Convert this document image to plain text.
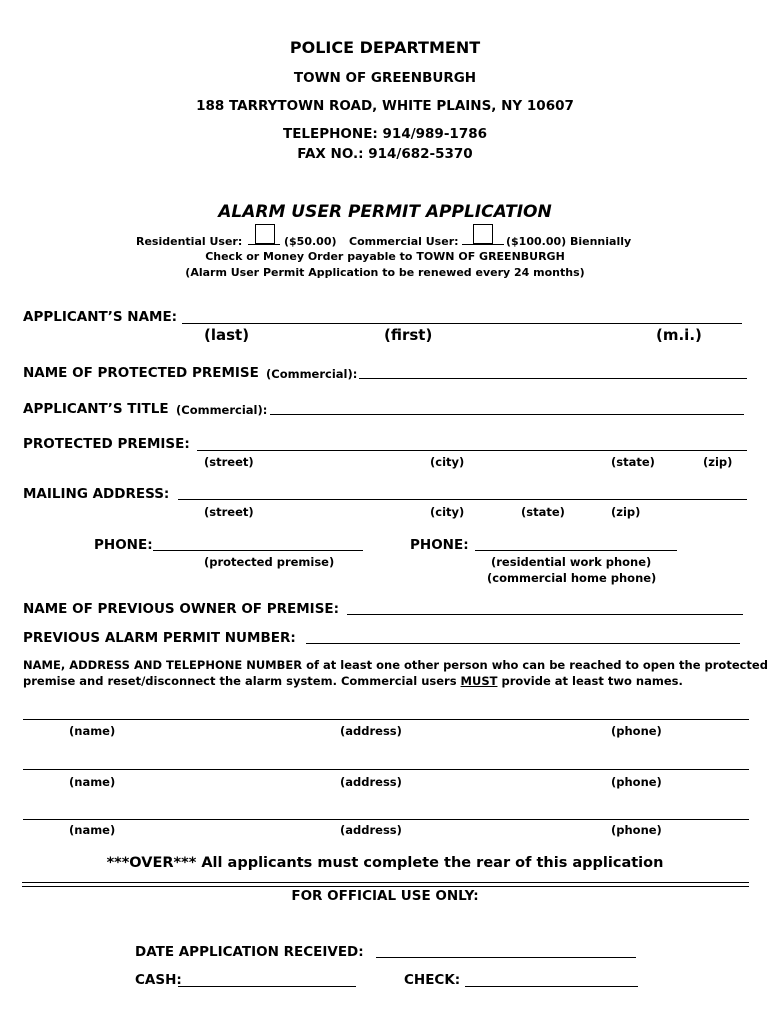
POLICE DEPARTMENT
TOWN OF GREENBURGH
188 TARRYTOWN ROAD, WHITE PLAINS, NY 10607
TELEPHONE: 914/989-1786
FAX NO.: 914/682-5370
ALARM USER PERMIT APPLICATION
Residential User:	($50.00) Commercial User:	($100.00) Biennially
Check or Money Order payable to TOWN OF GREENBURGH
(Alarm User Permit Application to be renewed every 24 months)
APPLICANT’S NAME:
(last)	(first)	(m.i.)
NAME OF PROTECTED PREMISE (Commercial):
APPLICANT’S TITLE (Commercial):
PROTECTED PREMISE:
(street)	(city)	(state)	(zip)
MAILING ADDRESS:
(street)	(city)	(state)	(zip)
PHONE:
(protected premise)
PHONE:
(residential work phone)
(commercial home phone)
NAME OF PREVIOUS OWNER OF PREMISE:
PREVIOUS ALARM PERMIT NUMBER:
NAME, ADDRESS AND TELEPHONE NUMBER of at least one other person who can be reached to open the protected
premise and reset/disconnect the alarm system. Commercial users MUST provide at least two names.
(name)	(address)	(phone)
(name)	(address)	(phone)
(name)	(address)	(phone)
***OVER*** All applicants must complete the rear of this application
FOR OFFICIAL USE ONLY:
DATE APPLICATION RECEIVED:
CASH:	CHECK:
